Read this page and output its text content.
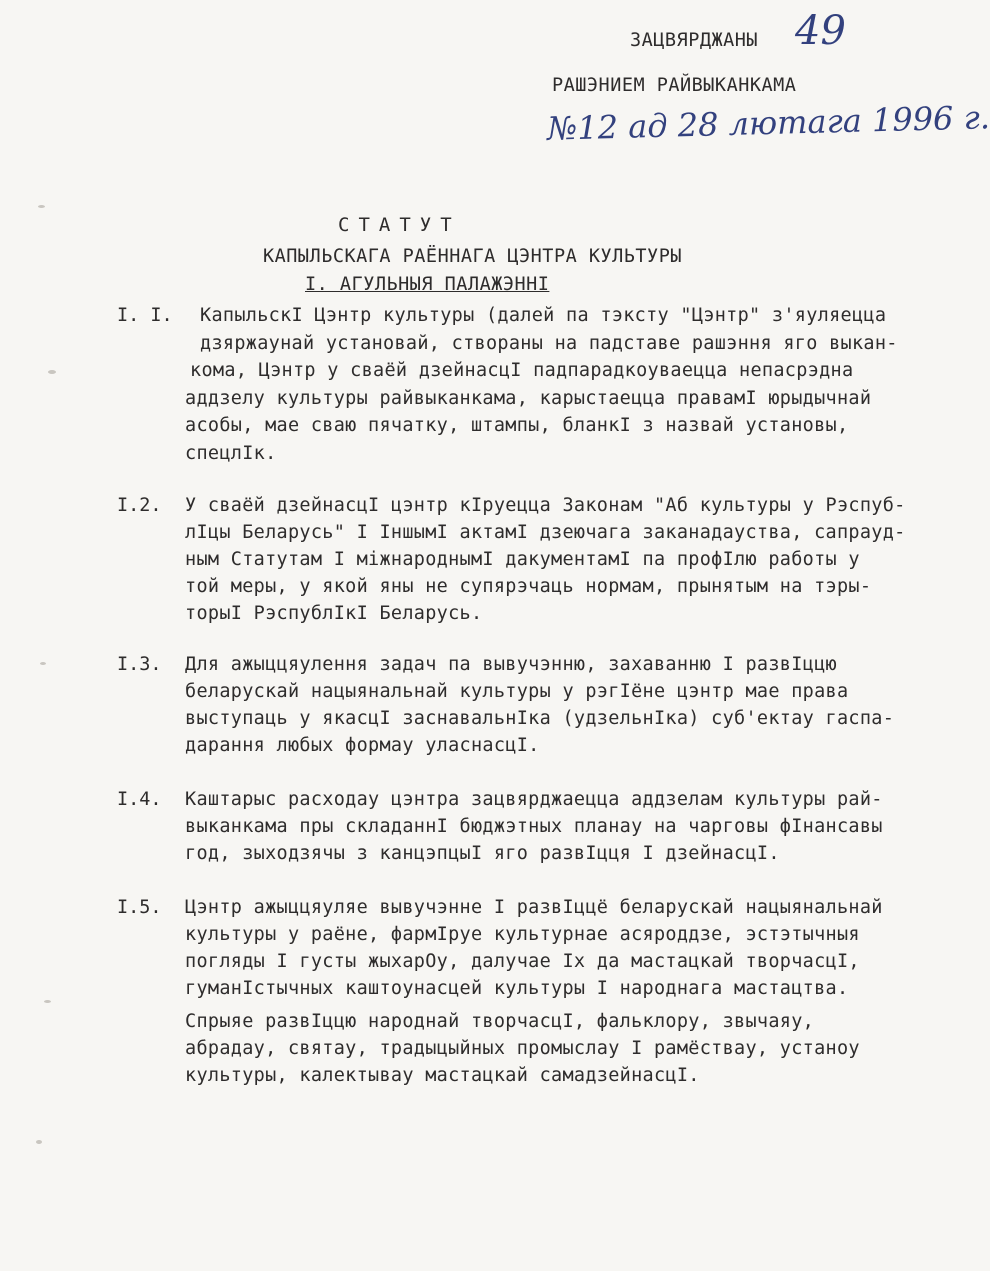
ЗАЦВЯРДЖАНЫ
РАШЭНИЕМ РАЙВЫКАНКАМА
49
№12 ад 28 лютага 1996 г.
СТАТУТ
КАПЫЛЬСКАГА РАЁННАГА ЦЭНТРА КУЛЬТУРЫ
I. АГУЛЬНЫЯ ПАЛАЖЭННI
I. I. КапыльскI Цэнтр культуры (далей па тэксту "Цэнтр" з'яуляецца
дзяржаунай установай, створаны на падставе рашэння яго выкан-
кома, Цэнтр у сваёй дзейнасцI падпарадкоуваецца непасрэдна
аддзелу культуры райвыканкама, карыстаецца правамI юрыдычнай
асобы, мае сваю пячатку, штампы, бланкI з назвай установы,
спецлIк.
I.2. У сваёй дзейнасцI цэнтр кIруецца Законам "Аб культуры у Рэспуб-
лIцы Беларусь" I IншымI актамI дзеючага заканадауства, сапрауд-
ным Статутам I мiжнароднымI дакументамI па профIлю работы у
той меры, у якой яны не супярэчаць нормам, прынятым на тэры-
торыI РэспублIкI Беларусь.
I.3. Для ажыццяулення задач па вывучэнню, захаванню I развIццю
беларускай нацыянальнай культуры у рэгIёне цэнтр мае права
выступаць у якасцI заснавальнIка (удзельнIка) суб'ектау гаспа-
дарання любых формау уласнасцI.
I.4. Каштарыс расходау цэнтра зацвярджаецца аддзелам культуры рай-
выканкама пры складаннI бюджэтных планау на чарговы фIнансавы
год, зыходзячы з канцэпцыI яго развIцця I дзейнасцI.
I.5. Цэнтр ажыццяуляе вывучэнне I развIццё беларускай нацыянальнай
культуры у раёне, фармIруе культурнае асяроддзе, эстэтычныя
погляды I густы жыхарОу, далучае Iх да мастацкай творчасцI,
гуманIстычных каштоунасцей культуры I народнага мастацтва.
Спрыяе развIццю народнай творчасцI, фальклору, звычаяу,
абрадау, святау, традыцыйных промыслау I рамёствау, устаноу
культуры, калектывау мастацкай самадзейнасцI.
